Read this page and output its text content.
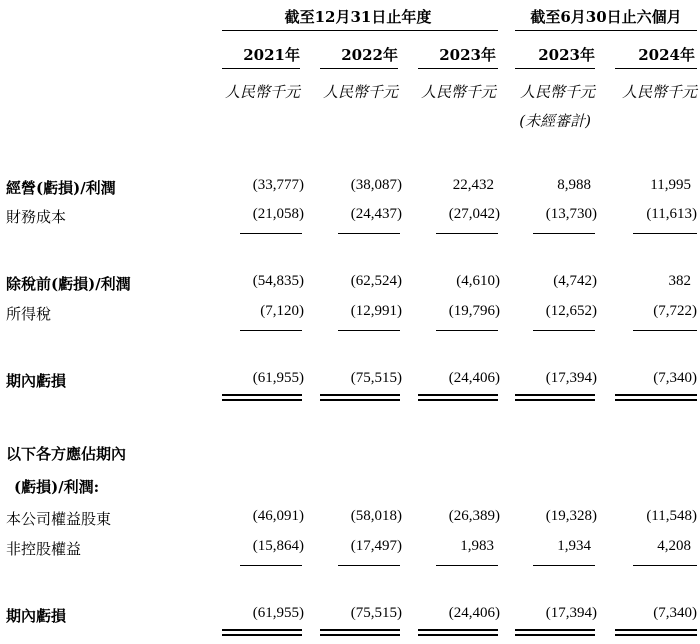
截至12月31日止年度	截至6月30日止六個月
2021年	2022年	2023年	2023年	2024年
人民幣千元	人民幣千元	人民幣千元	人民幣千元	人民幣千元
(未經審計)
經營(虧損)/利潤	(33,777)	(38,087)	22,432	8,988	11,995
財務成本	(21,058)	(24,437)	(27,042)	(13,730)	(11,613)
除稅前(虧損)/利潤	(54,835)	(62,524)	(4,610)	(4,742)	382
所得稅	(7,120)	(12,991)	(19,796)	(12,652)	(7,722)
期內虧損	(61,955)	(75,515)	(24,406)	(17,394)	(7,340)
以下各方應佔期內
(虧損)/利潤:
本公司權益股東	(46,091)	(58,018)	(26,389)	(19,328)	(11,548)
非控股權益	(15,864)	(17,497)	1,983	1,934	4,208
期內虧損	(61,955)	(75,515)	(24,406)	(17,394)	(7,340)
